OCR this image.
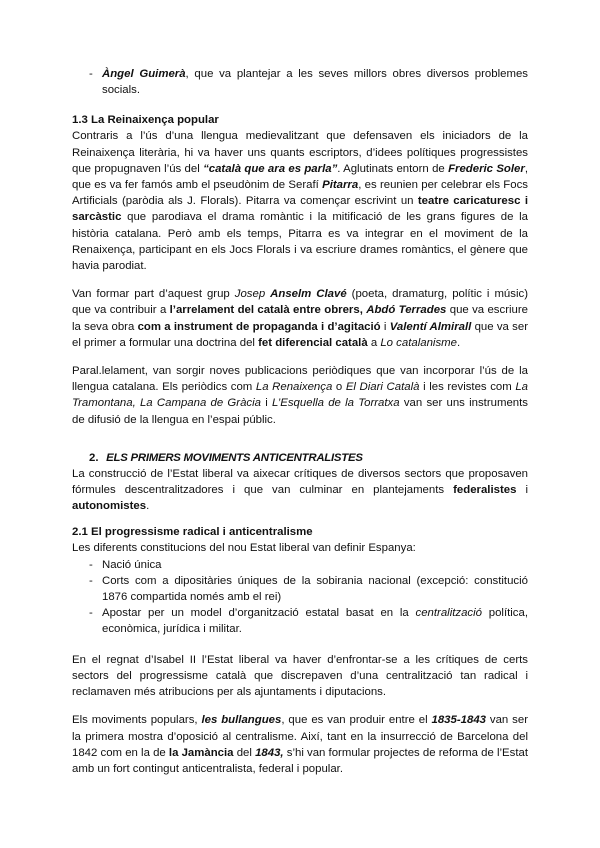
- Àngel Guimerà, que va plantejar a les seves millors obres diversos problemes socials.
1.3 La Reinaixença popular

Contraris a l’ús d’una llengua medievalitzant que defensaven els iniciadors de la Reinaixença literària, hi va haver uns quants escriptors, d’idees polítiques progressistes que propugnaven l’ús del “català que ara es parla”. Aglutinats entorn de Frederic Soler, que es va fer famós amb el pseudònim de Serafí Pitarra, es reunien per celebrar els Focs Artificials (paròdia als J. Florals). Pitarra va començar escrivint un teatre caricaturesc i sarcàstic que parodiava el drama romàntic i la mitificació de les grans figures de la història catalana. Però amb els temps, Pitarra es va integrar en el moviment de la Renaixença, participant en els Jocs Florals i va escriure drames romàntics, el gènere que havia parodiat.

Van formar part d’aquest grup Josep Anselm Clavé (poeta, dramaturg, polític i músic) que va contribuir a l’arrelament del català entre obrers, Abdó Terrades que va escriure la seva obra com a instrument de propaganda i d’agitació i Valentí Almirall que va ser el primer a formular una doctrina del fet diferencial català a Lo catalanisme.

Paral.lelament, van sorgir noves publicacions periòdiques que van incorporar l’ús de la llengua catalana. Els periòdics com La Renaixença o El Diari Català i les revistes com La Tramontana, La Campana de Gràcia i L’Esquella de la Torratxa van ser uns instruments de difusió de la llengua en l’espai públic.

2. ELS PRIMERS MOVIMENTS ANTICENTRALISTES

La construcció de l’Estat liberal va aixecar crítiques de diversos sectors que proposaven fórmules descentralitzadores i que van culminar en plantejaments federalistes i autonomistes.

2.1 El progressisme radical i anticentralisme

Les diferents constitucions del nou Estat liberal van definir Espanya:

- Nació única
- Corts com a dipositàries úniques de la sobirania nacional (excepció: constitució 1876 compartida només amb el rei)
- Apostar per un model d’organització estatal basat en la centralització política, econòmica, jurídica i militar.

En el regnat d’Isabel II l’Estat liberal va haver d’enfrontar-se a les crítiques de certs sectors del progressisme català que discrepaven d’una centralització tan radical i reclamaven més atribucions per als ajuntaments i diputacions.

Els moviments populars, les bullangues, que es van produir entre el 1835-1843 van ser la primera mostra d’oposició al centralisme. Així, tant en la insurrecció de Barcelona del 1842 com en la de la Jamància del 1843, s’hi van formular projectes de reforma de l’Estat amb un fort contingut anticentralista, federal i popular.
